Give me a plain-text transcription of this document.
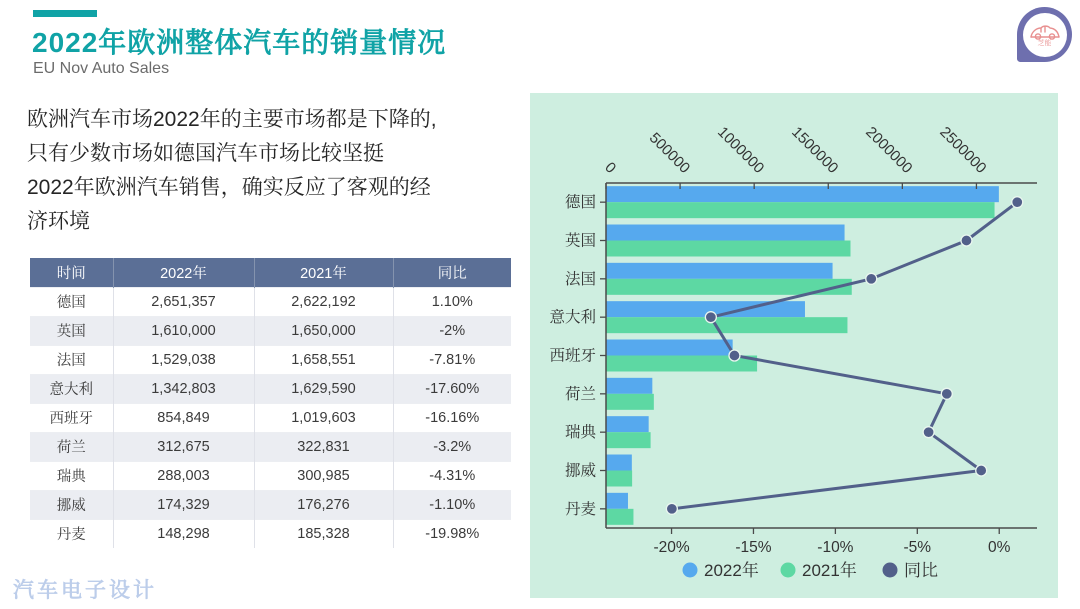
2022年欧洲整体汽车的销量情况
EU Nov Auto Sales
芝能
欧洲汽车市场2022年的主要市场都是下降的,
只有少数市场如德国汽车市场比较坚挺
2022年欧洲汽车销售，确实反应了客观的经
济环境
时间	2022年	2021年	同比
德国	2,651,357	2,622,192	1.10%
英国	1,610,000	1,650,000	-2%
法国	1,529,038	1,658,551	-7.81%
意大利	1,342,803	1,629,590	-17.60%
西班牙	854,849	1,019,603	-16.16%
荷兰	312,675	322,831	-3.2%
瑞典	288,003	300,985	-4.31%
挪威	174,329	176,276	-1.10%
丹麦	148,298	185,328	-19.98%
0 500000 1000000 1500000 2000000 2500000
-20%	-15%	-10%	-5%	0%
德国
英国
法国
意大利
西班牙
荷兰
瑞典
挪威
丹麦
2022年	2021年	同比
汽车电子设计
